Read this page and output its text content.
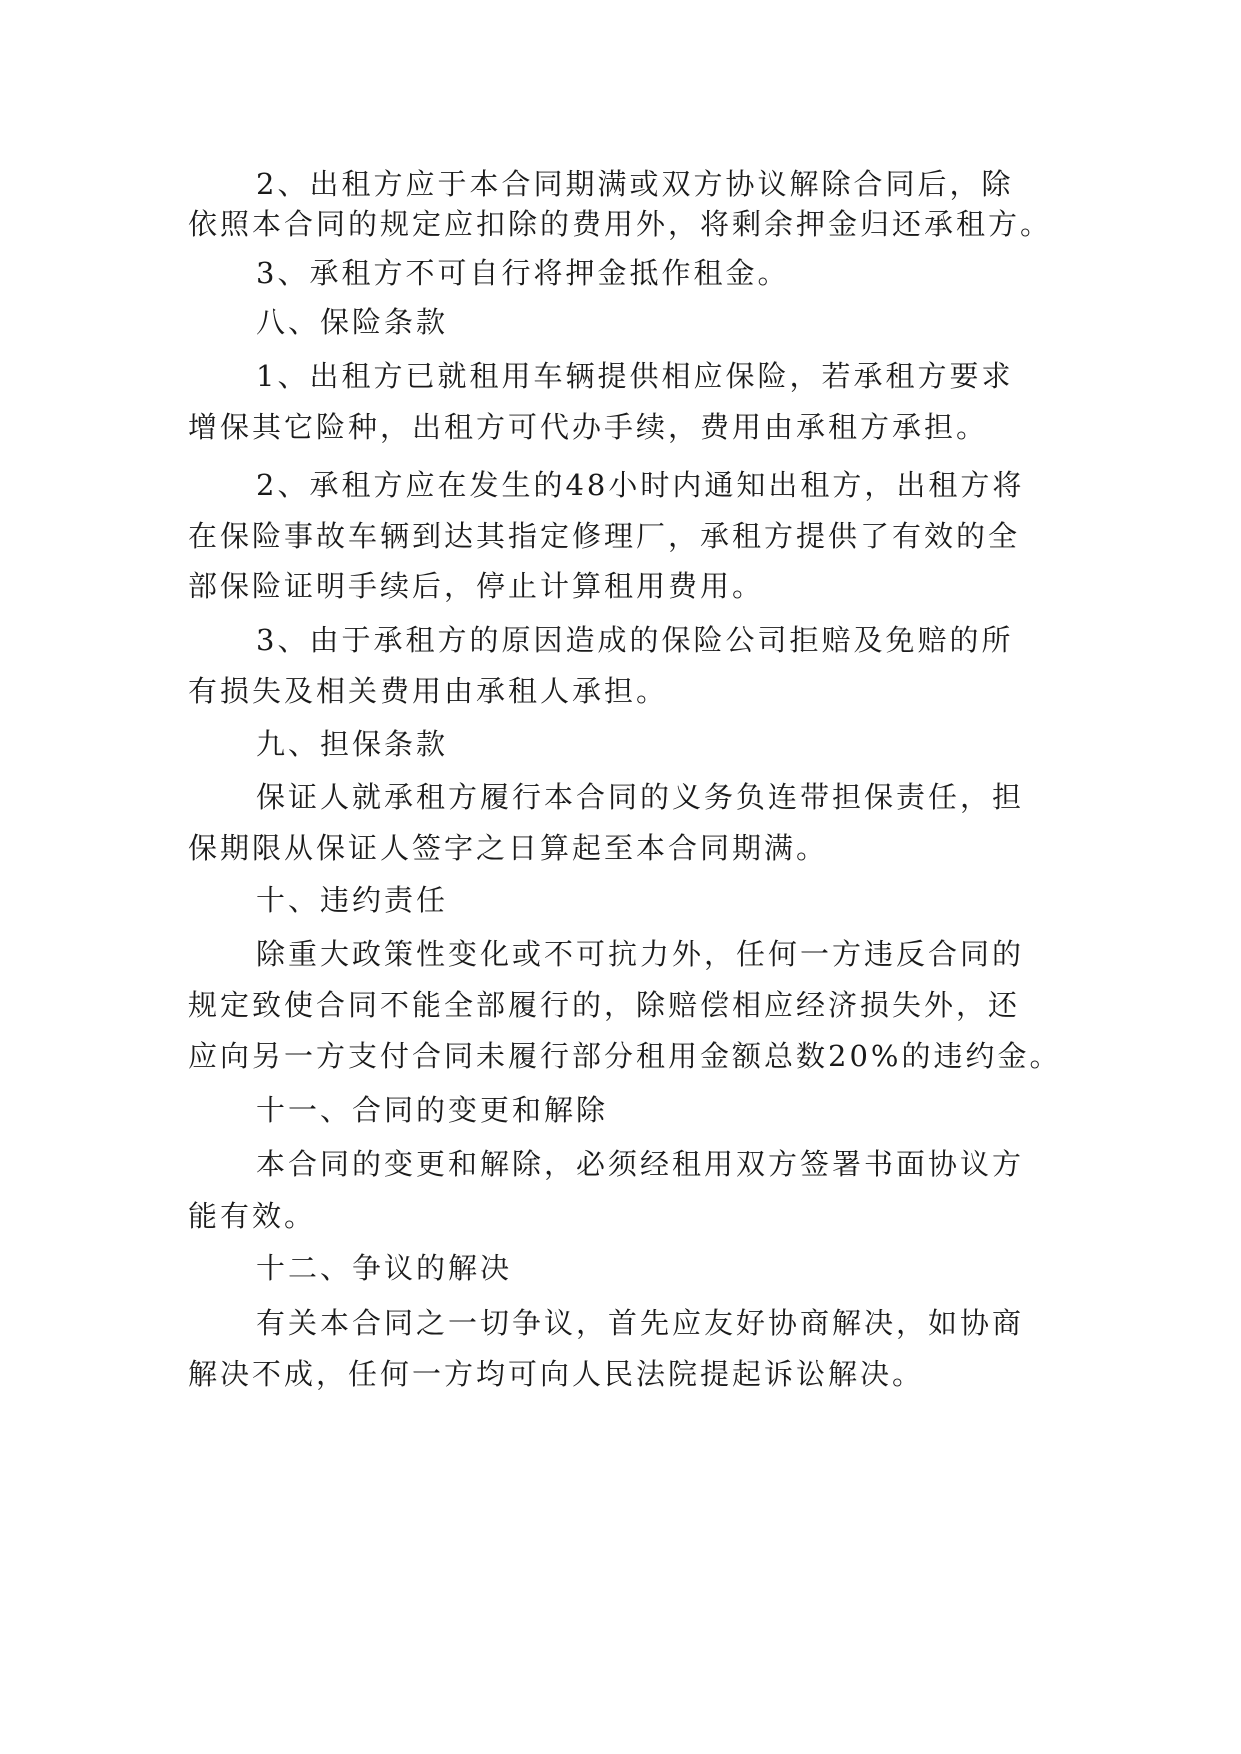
2、出租方应于本合同期满或双方协议解除合同后，除
依照本合同的规定应扣除的费用外，将剩余押金归还承租方。
3、承租方不可自行将押金抵作租金。
八、保险条款
1、出租方已就租用车辆提供相应保险，若承租方要求
增保其它险种，出租方可代办手续，费用由承租方承担。
2、承租方应在发生的48小时内通知出租方，出租方将
在保险事故车辆到达其指定修理厂，承租方提供了有效的全
部保险证明手续后，停止计算租用费用。
3、由于承租方的原因造成的保险公司拒赔及免赔的所
有损失及相关费用由承租人承担。
九、担保条款
保证人就承租方履行本合同的义务负连带担保责任，担
保期限从保证人签字之日算起至本合同期满。
十、违约责任
除重大政策性变化或不可抗力外，任何一方违反合同的
规定致使合同不能全部履行的，除赔偿相应经济损失外，还
应向另一方支付合同未履行部分租用金额总数20%的违约金。
十一、合同的变更和解除
本合同的变更和解除，必须经租用双方签署书面协议方
能有效。
十二、争议的解决
有关本合同之一切争议，首先应友好协商解决，如协商
解决不成，任何一方均可向人民法院提起诉讼解决。
